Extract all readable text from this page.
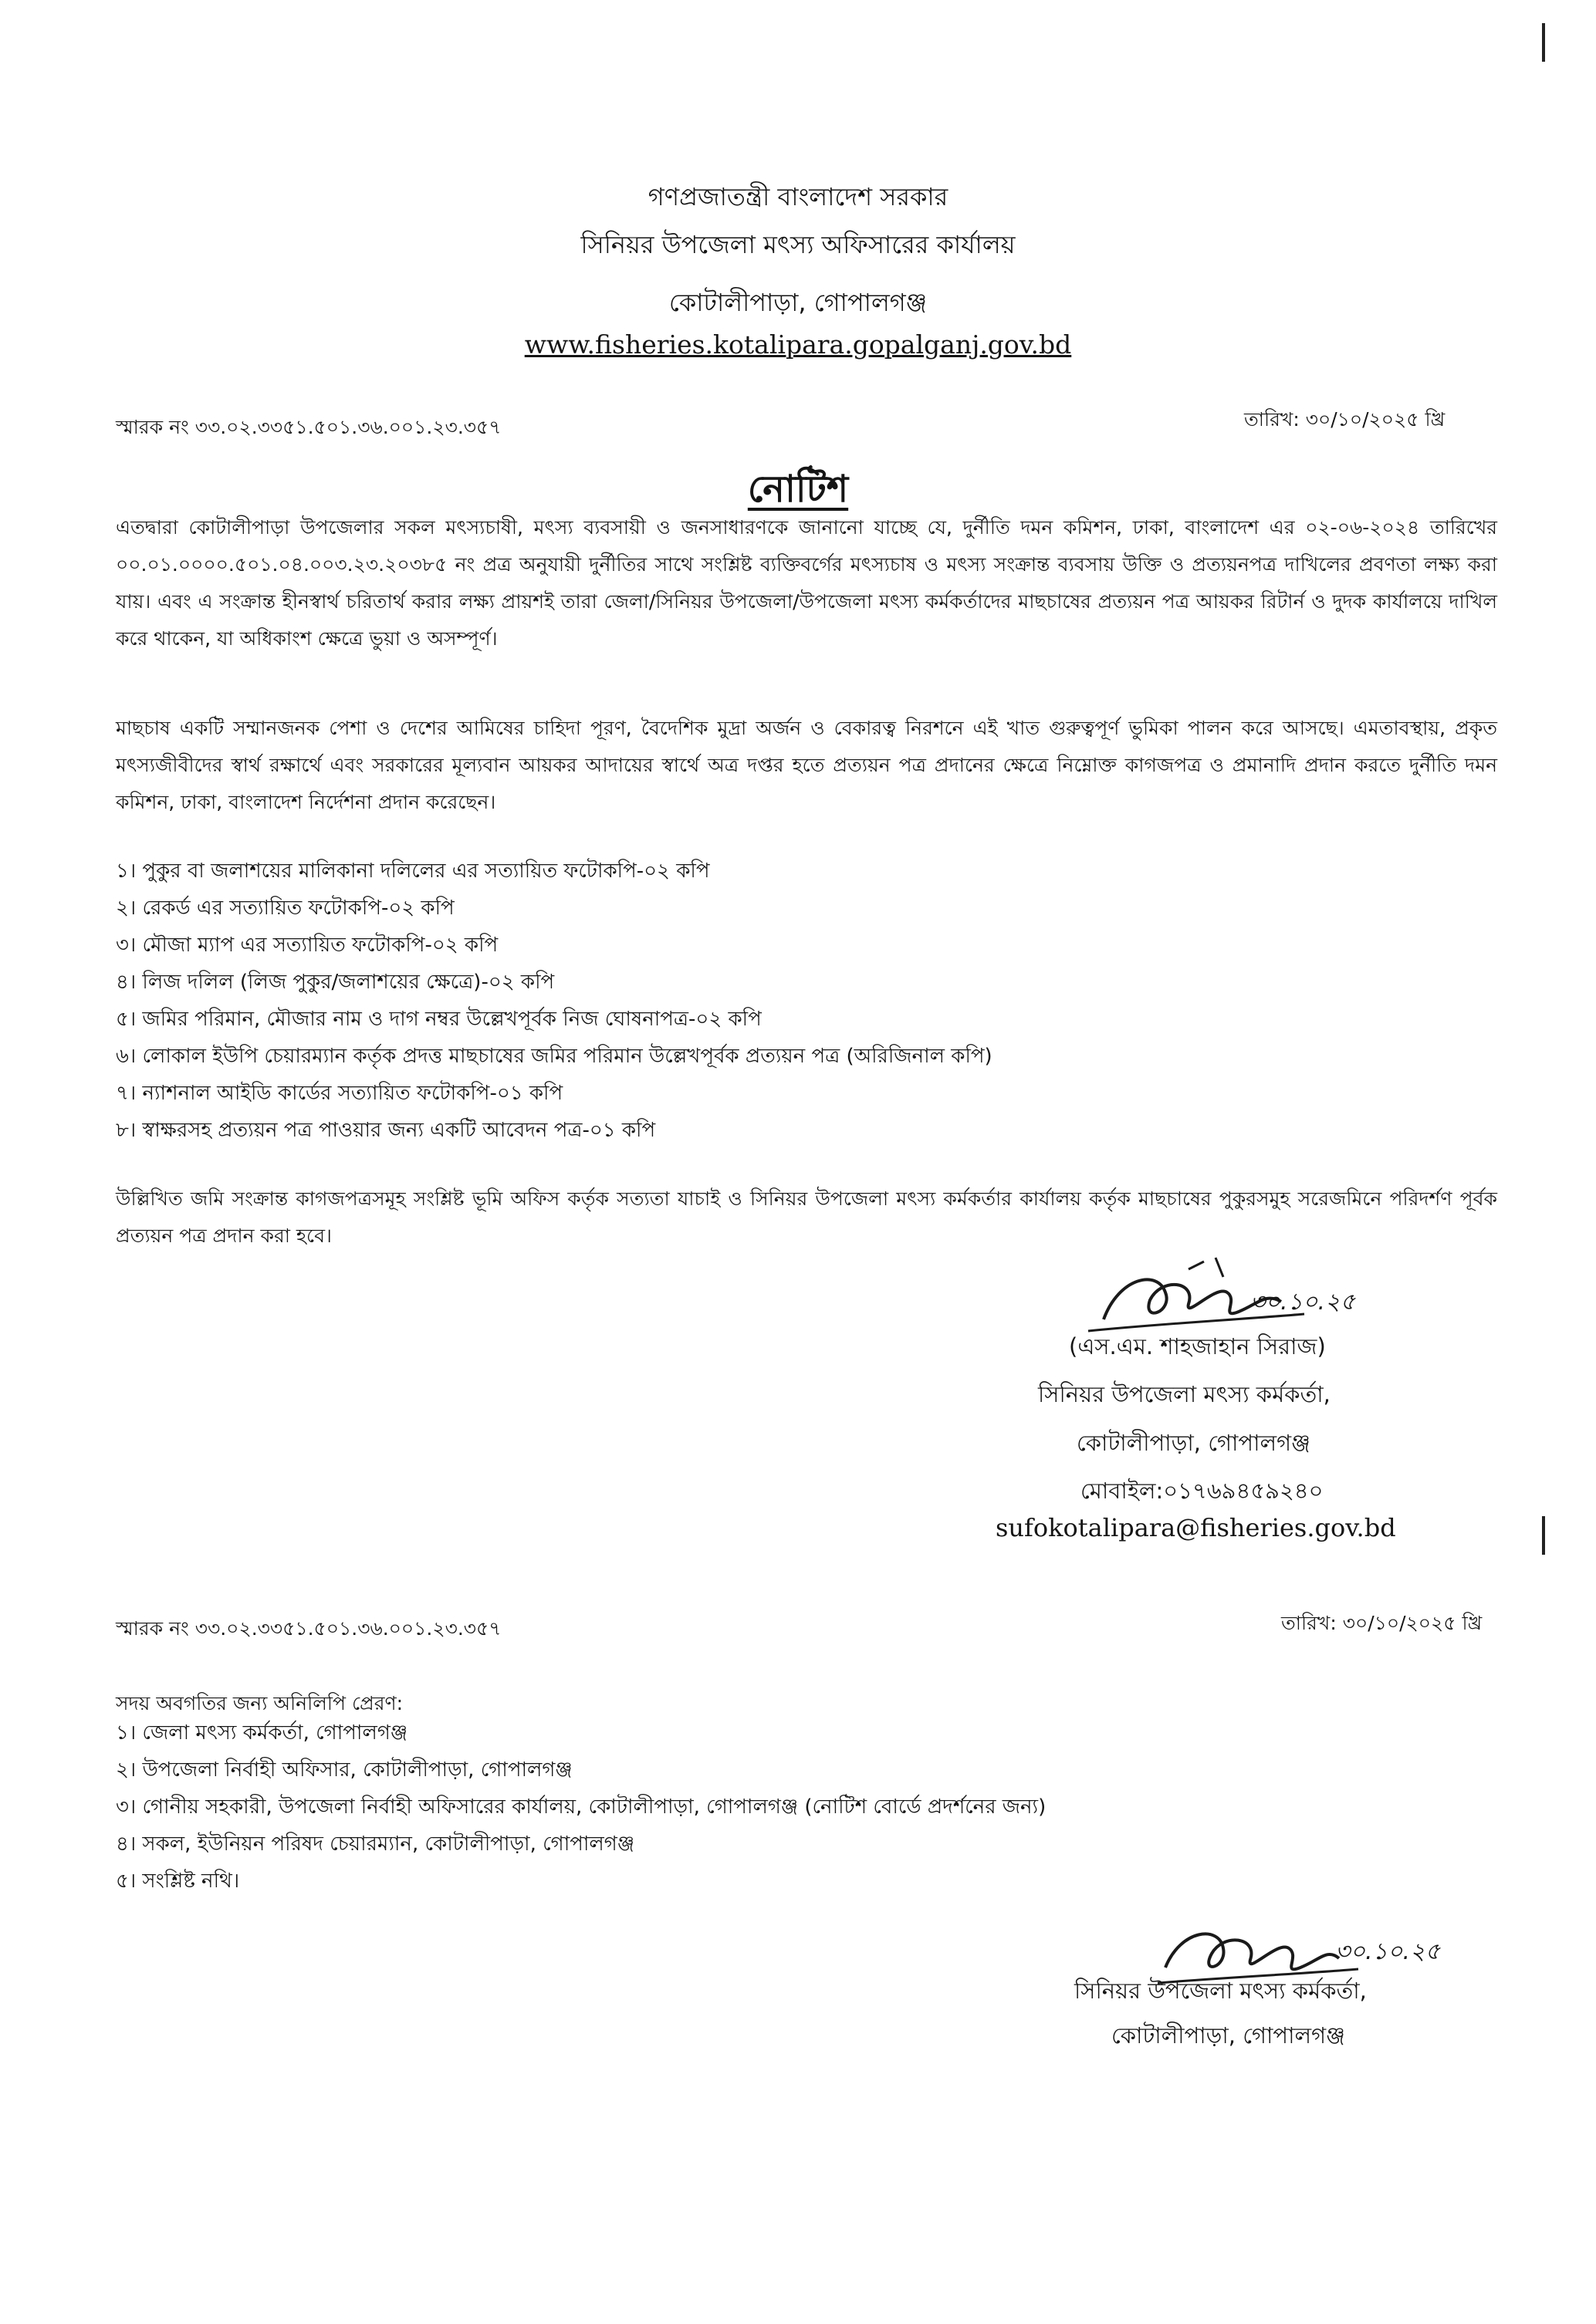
গণপ্রজাতন্ত্রী বাংলাদেশ সরকার

সিনিয়র উপজেলা মৎস্য অফিসারের কার্যালয়

কোটালীপাড়া, গোপালগঞ্জ

www.fisheries.kotalipara.gopalganj.gov.bd

স্মারক নং ৩৩.০২.৩৩৫১.৫০১.৩৬.০০১.২৩.৩৫৭	তারিখ: ৩০/১০/২০২৫ খ্রি

নোটিশ

এতদ্বারা কোটালীপাড়া উপজেলার সকল মৎস্যচাষী, মৎস্য ব্যবসায়ী ও জনসাধারণকে জানানো যাচ্ছে যে, দুর্নীতি দমন কমিশন, ঢাকা, বাংলাদেশ এর ০২-০৬-২০২৪ তারিখের ০০.০১.০০০০.৫০১.০৪.০০৩.২৩.২০৩৮৫ নং প্রত্র অনুযায়ী দুর্নীতির সাথে সংশ্লিষ্ট ব্যক্তিবর্গের মৎস্যচাষ ও মৎস্য সংক্রান্ত ব্যবসায় উক্তি ও প্রত্যয়নপত্র দাখিলের প্রবণতা লক্ষ্য করা যায়। এবং এ সংক্রান্ত হীনস্বার্থ চরিতার্থ করার লক্ষ্য প্রায়শই তারা জেলা/সিনিয়র উপজেলা/উপজেলা মৎস্য কর্মকর্তাদের মাছচাষের প্রত্যয়ন পত্র আয়কর রিটার্ন ও দুদক কার্যালয়ে দাখিল করে থাকেন, যা অধিকাংশ ক্ষেত্রে ভুয়া ও অসম্পূর্ণ।

মাছচাষ একটি সম্মানজনক পেশা ও দেশের আমিষের চাহিদা পূরণ, বৈদেশিক মুদ্রা অর্জন ও বেকারত্ব নিরশনে এই খাত গুরুত্বপূর্ণ ভুমিকা পালন করে আসছে। এমতাবস্থায়, প্রকৃত মৎস্যজীবীদের স্বার্থ রক্ষার্থে এবং সরকারের মূল্যবান আয়কর আদায়ের স্বার্থে অত্র দপ্তর হতে প্রত্যয়ন পত্র প্রদানের ক্ষেত্রে নিম্নোক্ত কাগজপত্র ও প্রমানাদি প্রদান করতে দুর্নীতি দমন কমিশন, ঢাকা, বাংলাদেশ নির্দেশনা প্রদান করেছেন।

১। পুকুর বা জলাশয়ের মালিকানা দলিলের এর সত্যায়িত ফটোকপি-০২ কপি
২। রেকর্ড এর সত্যায়িত ফটোকপি-০২ কপি
৩। মৌজা ম্যাপ এর সত্যায়িত ফটোকপি-০২ কপি
৪। লিজ দলিল (লিজ পুকুর/জলাশয়ের ক্ষেত্রে)-০২ কপি
৫। জমির পরিমান, মৌজার নাম ও দাগ নম্বর উল্লেখপূর্বক নিজ ঘোষনাপত্র-০২ কপি
৬। লোকাল ইউপি চেয়ারম্যান কর্তৃক প্রদত্ত মাছচাষের জমির পরিমান উল্লেখপূর্বক প্রত্যয়ন পত্র (অরিজিনাল কপি)
৭। ন্যাশনাল আইডি কার্ডের সত্যায়িত ফটোকপি-০১ কপি
৮। স্বাক্ষরসহ প্রত্যয়ন পত্র পাওয়ার জন্য একটি আবেদন পত্র-০১ কপি

উল্লিখিত জমি সংক্রান্ত কাগজপত্রসমূহ সংশ্লিষ্ট ভূমি অফিস কর্তৃক সত্যতা যাচাই ও সিনিয়র উপজেলা মৎস্য কর্মকর্তার কার্যালয় কর্তৃক মাছচাষের পুকুরসমুহ সরেজমিনে পরিদর্শণ পূর্বক প্রত্যয়ন পত্র প্রদান করা হবে।

৩০.১০.২৫

(এস.এম. শাহজাহান সিরাজ)

সিনিয়র উপজেলা মৎস্য কর্মকর্তা,

কোটালীপাড়া, গোপালগঞ্জ

মোবাইল:০১৭৬৯৪৫৯২৪০

sufokotalipara@fisheries.gov.bd

স্মারক নং ৩৩.০২.৩৩৫১.৫০১.৩৬.০০১.২৩.৩৫৭	তারিখ: ৩০/১০/২০২৫ খ্রি

সদয় অবগতির জন্য অনিলিপি প্রেরণ:

১। জেলা মৎস্য কর্মকর্তা, গোপালগঞ্জ
২। উপজেলা নির্বাহী অফিসার, কোটালীপাড়া, গোপালগঞ্জ
৩। গোনীয় সহকারী, উপজেলা নির্বাহী অফিসারের কার্যালয়, কোটালীপাড়া, গোপালগঞ্জ (নোটিশ বোর্ডে প্রদর্শনের জন্য)
৪। সকল, ইউনিয়ন পরিষদ চেয়ারম্যান, কোটালীপাড়া, গোপালগঞ্জ
৫। সংশ্লিষ্ট নথি।

৩০.১০.২৫

সিনিয়র উপজেলা মৎস্য কর্মকর্তা,

কোটালীপাড়া, গোপালগঞ্জ
